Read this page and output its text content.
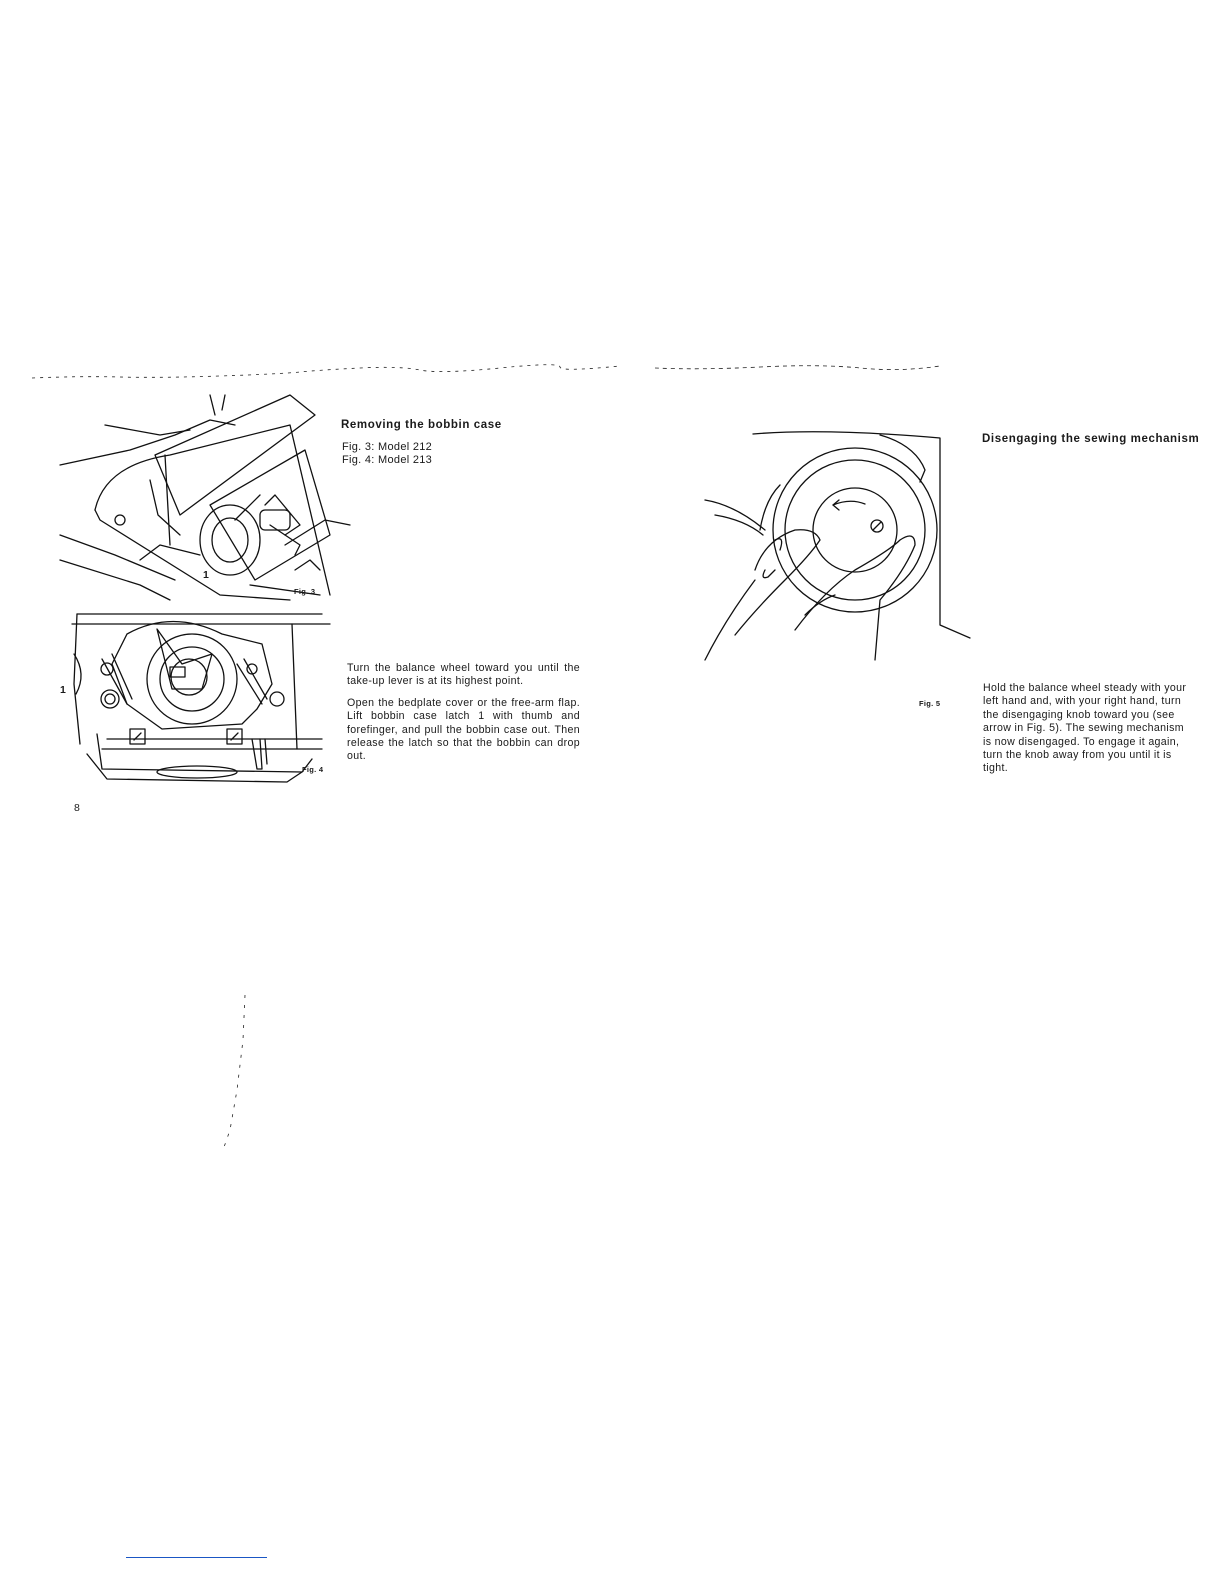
1
Fig. 3
1
Fig. 4
Removing the bobbin case
Fig. 3: Model 212
Fig. 4: Model 213

Turn the balance wheel toward you until the take-up lever is at its highest point.

Open the bedplate cover or the free-arm flap. Lift bobbin case latch 1 with thumb and forefinger, and pull the bobbin case out. Then release the latch so that the bobbin can drop out.

8
Fig. 5
Disengaging the sewing mechanism
Hold the balance wheel steady with your
left hand and, with your right hand, turn
the disengaging knob toward you (see
arrow in Fig. 5). The sewing mechanism
is now disengaged. To engage it again,
turn the knob away from you until it is
tight.
